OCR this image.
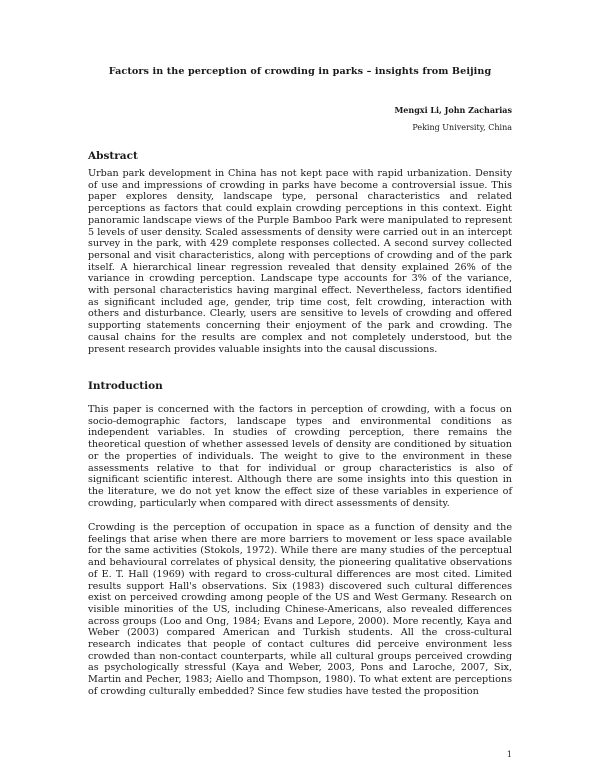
Factors in the perception of crowding in parks – insights from Beijing
Mengxi Li, John Zacharias
Peking University, China
Abstract

Urban park development in China has not kept pace with rapid urbanization. Density of use and impressions of crowding in parks have become a controversial issue. This paper explores density, landscape type, personal characteristics and related perceptions as factors that could explain crowding perceptions in this context. Eight panoramic landscape views of the Purple Bamboo Park were manipulated to represent 5 levels of user density. Scaled assessments of density were carried out in an intercept survey in the park, with 429 complete responses collected. A second survey collected personal and visit characteristics, along with perceptions of crowding and of the park itself. A hierarchical linear regression revealed that density explained 26% of the variance in crowding perception. Landscape type accounts for 3% of the variance, with personal characteristics having marginal effect. Nevertheless, factors identified as significant included age, gender, trip time cost, felt crowding, interaction with others and disturbance. Clearly, users are sensitive to levels of crowding and offered supporting statements concerning their enjoyment of the park and crowding. The causal chains for the results are complex and not completely understood, but the present research provides valuable insights into the causal discussions.

Introduction

This paper is concerned with the factors in perception of crowding, with a focus on socio-demographic factors, landscape types and environmental conditions as independent variables. In studies of crowding perception, there remains the theoretical question of whether assessed levels of density are conditioned by situation or the properties of individuals. The weight to give to the environment in these assessments relative to that for individual or group characteristics is also of significant scientific interest. Although there are some insights into this question in the literature, we do not yet know the effect size of these variables in experience of crowding, particularly when compared with direct assessments of density.

Crowding is the perception of occupation in space as a function of density and the feelings that arise when there are more barriers to movement or less space available for the same activities (Stokols, 1972). While there are many studies of the perceptual and behavioural correlates of physical density, the pioneering qualitative observations of E. T. Hall (1969) with regard to cross-cultural differences are most cited. Limited results support Hall's observations. Six (1983) discovered such cultural differences exist on perceived crowding among people of the US and West Germany. Research on visible minorities of the US, including Chinese-Americans, also revealed differences across groups (Loo and Ong, 1984; Evans and Lepore, 2000). More recently, Kaya and Weber (2003) compared American and Turkish students. All the cross-cultural research indicates that people of contact cultures did perceive environment less crowded than non-contact counterparts, while all cultural groups perceived crowding as psychologically stressful (Kaya and Weber, 2003, Pons and Laroche, 2007, Six, Martin and Pecher, 1983; Aiello and Thompson, 1980). To what extent are perceptions of crowding culturally embedded? Since few studies have tested the proposition

1
